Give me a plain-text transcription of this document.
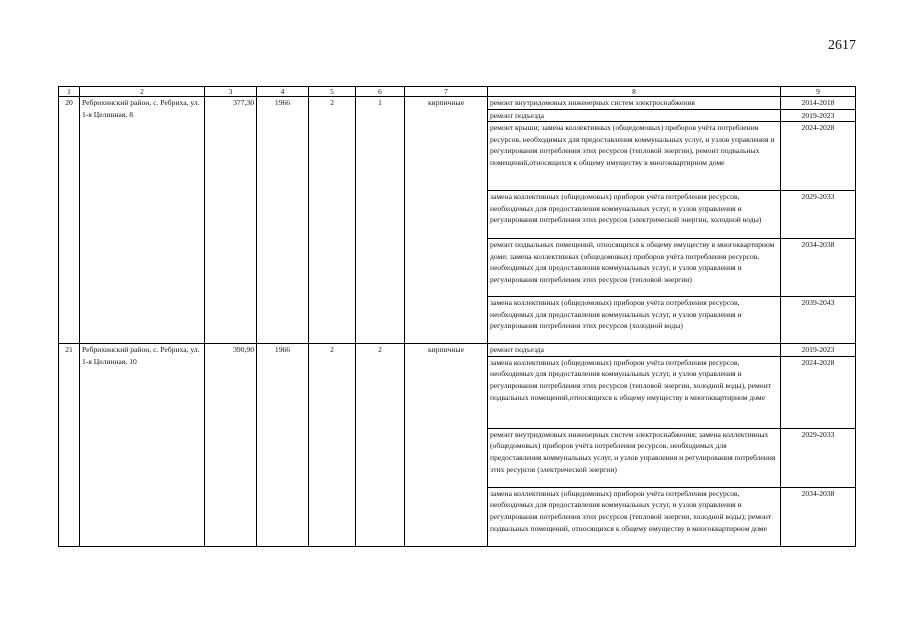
2617
1	2	3	4	5	6	7	8	9
20	Ребрихинский район, с. Ребриха, ул. 1-я Целинная, 8	377,30	1966	2	1	кирпичные	ремонт внутридомовых инженерных систем электроснабжения	2014-2018
							ремонт подъезда	2019-2023
							ремонт крыши; замена коллективных (общедомовых) приборов учёта потребления ресурсов, необходимых для предоставления коммунальных услуг, и узлов управления и регулирования потребления этих ресурсов (тепловой энергии), ремонт подвальных помещений,относящихся к общему имуществу в многоквартирном доме	2024-2028
							замена коллективных (общедомовых) приборов учёта потребления ресурсов, необходимых для предоставления коммунальных услуг, и узлов управления и регулирования потребления этих ресурсов (электрической энергии, холодной воды)	2029-2033
							ремонт подвальных помещений, относящихся к общему имуществу в многоквартирном доме; замена коллективных (общедомовых) приборов учёта потребления ресурсов, необходимых для предоставления коммунальных услуг, и узлов управления и регулирования потребления этих ресурсов (тепловой энергии)	2034-2038
							замена коллективных (общедомовых) приборов учёта потребления ресурсов, необходимых для предоставления коммунальных услуг, и узлов управления и регулирования потребления этих ресурсов (холодной воды)	2039-2043
21	Ребрихинский район, с. Ребриха, ул. 1-я Целинная, 10	390,90	1966	2	2	кирпичные	ремонт подъезда	2019-2023
							замена коллективных (общедомовых) приборов учёта потребления ресурсов, необходимых для предоставления коммунальных услуг, и узлов управления и регулирования потребления этих ресурсов (тепловой энергии, холодной воды), ремонт подвальных помещений,относящихся к общему имуществу в многоквартирном доме	2024-2028
							ремонт внутридомовых инженерных систем электроснабжения; замена коллективных (общедомовых) приборов учёта потребления ресурсов, необходимых для предоставления коммунальных услуг, и узлов управления и регулирования потребления этих ресурсов (электрической энергии)	2029-2033
							замена коллективных (общедомовых) приборов учёта потребления ресурсов, необходимых для предоставления коммунальных услуг, и узлов управления и регулирования потребления этих ресурсов (тепловой энергии, холодной воды); ремонт подвальных помещений, относящихся к общему имуществу в многоквартирном доме	2034-2038
